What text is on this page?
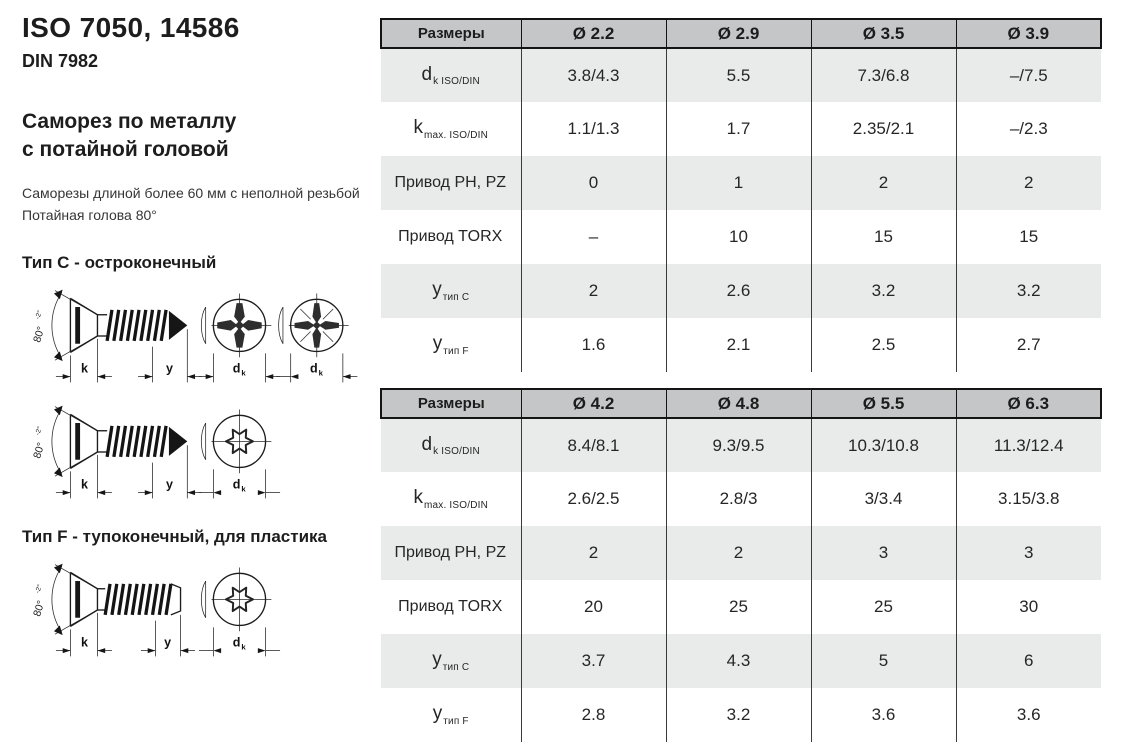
ISO 7050, 14586
DIN 7982
Саморез по металлу
с потайной головой
Саморезы длиной более 60 мм с неполной резьбой
Потайная голова 80°
Тип C - остроконечный
80°
-2°
k	y	d k	d k
80°
-2°
k	y	d k
Тип F - тупоконечный, для пластика
80°
-2°
k	y	d k
Размеры	Ø 2.2	Ø 2.9	Ø 3.5	Ø 3.9
$d_{k ISO/DIN}$	3.8/4.3	5.5	7.3/6.8	–/7.5
$k_{max. ISO/DIN}$	1.1/1.3	1.7	2.35/2.1	–/2.3
Привод PH, PZ	0	1	2	2
Привод TORX	–	10	15	15
$y_{тип C}$	2	2.6	3.2	3.2
$y_{тип F}$	1.6	2.1	2.5	2.7
Размеры	Ø 4.2	Ø 4.8	Ø 5.5	Ø 6.3
$d_{k ISO/DIN}$	8.4/8.1	9.3/9.5	10.3/10.8	11.3/12.4
$k_{max. ISO/DIN}$	2.6/2.5	2.8/3	3/3.4	3.15/3.8
Привод PH, PZ	2	2	3	3
Привод TORX	20	25	25	30
$y_{тип C}$	3.7	4.3	5	6
$y_{тип F}$	2.8	3.2	3.6	3.6
